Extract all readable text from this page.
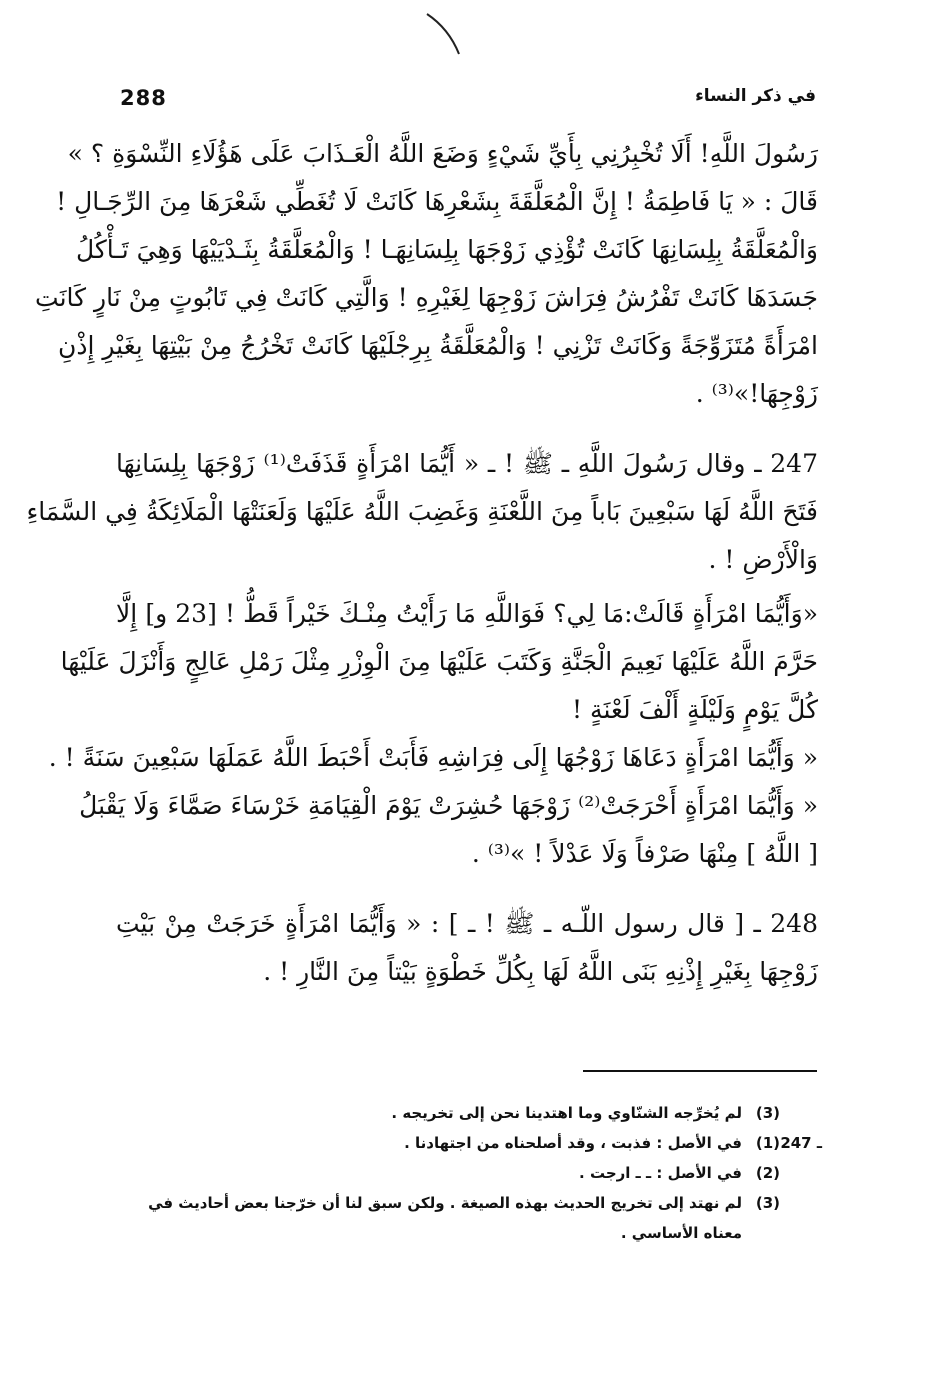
288	في ذكر النساء
رَسُولَ اللَّهِ! أَلَا تُخْبِرُنِي بِأَيِّ شَيْءٍ وَضَعَ اللَّهُ الْعَـذَابَ عَلَى هَؤُلَاءِ النِّسْوَةِ ؟ »
قَالَ : « يَا فَاطِمَةُ ! إِنَّ الْمُعَلَّقَةَ بِشَعْرِهَا كَانَتْ لَا تُغَطِّي شَعْرَهَا مِنَ الرِّجَـالِ !
وَالْمُعَلَّقَةُ بِلِسَانِهَا كَانَتْ تُؤْذِي زَوْجَهَا بِلِسَانِهَـا ! وَالْمُعَلَّقَةُ بِثَـدْيَيْهَا وَهِيَ تَـأْكُلُ
جَسَدَهَا كَانَتْ تَفْرُشُ فِرَاشَ زَوْجِهَا لِغَيْرِهِ ! وَالَّتِي كَانَتْ فِي تَابُوتٍ مِنْ نَارٍ كَانَتِ
امْرَأَةً مُتَزَوِّجَةً وَكَانَتْ تَزْنِي ! وَالْمُعَلَّقَةُ بِرِجْلَيْهَا كَانَتْ تَخْرُجُ مِنْ بَيْتِهَا بِغَيْرِ إِذْنِ
زَوْجِهَا!»⁽³⁾ .
247 ـ وقال رَسُولَ اللَّهِ ـ ﷺ ! ـ « أَيُّمَا امْرَأَةٍ قَذَفَتْ⁽¹⁾ زَوْجَهَا بِلِسَانِهَا
فَتَحَ اللَّهُ لَهَا سَبْعِينَ بَاباً مِنَ اللَّعْنَةِ وَغَضِبَ اللَّهُ عَلَيْهَا وَلَعَنَتْهَا الْمَلَائِكَةُ فِي السَّمَاءِ
وَالْأَرْضِ ! .
«وَأَيُّمَا امْرَأَةٍ قَالَتْ:مَا لِي؟ فَوَاللَّهِ مَا رَأَيْتُ مِنْـكَ خَيْراً قَطُّ ! [23 و] إِلَّا
حَرَّمَ اللَّهُ عَلَيْهَا نَعِيمَ الْجَنَّةِ وَكَتَبَ عَلَيْهَا مِنَ الْوِزْرِ مِثْلَ رَمْلِ عَالِجٍ وَأَنْزَلَ عَلَيْهَا
كُلَّ يَوْمٍ وَلَيْلَةٍ أَلْفَ لَعْنَةٍ !
« وَأَيُّمَا امْرَأَةٍ دَعَاهَا زَوْجُهَا إِلَى فِرَاشِهِ فَأَبَتْ أَحْبَطَ اللَّهُ عَمَلَهَا سَبْعِينَ سَنَةً ! .
« وَأَيُّمَا امْرَأَةٍ أَحْرَجَتْ⁽²⁾ زَوْجَهَا حُشِرَتْ يَوْمَ الْقِيَامَةِ خَرْسَاءَ صَمَّاءَ وَلَا يَقْبَلُ
[ اللَّهُ ] مِنْهَا صَرْفاً وَلَا عَدْلاً ! »⁽³⁾ .
248 ـ [ قال رسول اللّـه ـ ﷺ ! ـ ] : « وَأَيُّمَا امْرَأَةٍ خَرَجَتْ مِنْ بَيْتِ
زَوْجِهَا بِغَيْرِ إِذْنِهِ بَنَى اللَّهُ لَهَا بِكُلِّ خَطْوَةٍ بَيْتاً مِنَ النَّارِ ! .
(3)
لم يُخرِّجه الشنّاوي وما اهتدينا نحن إلى تخريجه .
247 ـ
(1)
في الأصل : فذبت ، وقد أصلحناه من اجتهادنا .
(2)
في الأصل : ـ ـ ارجت .
(3)
لم نهتد إلى تخريج الحديث بهذه الصيغة . ولكن سبق لنا أن خرّجنا بعض أحاديث في معناه الأساسي .
